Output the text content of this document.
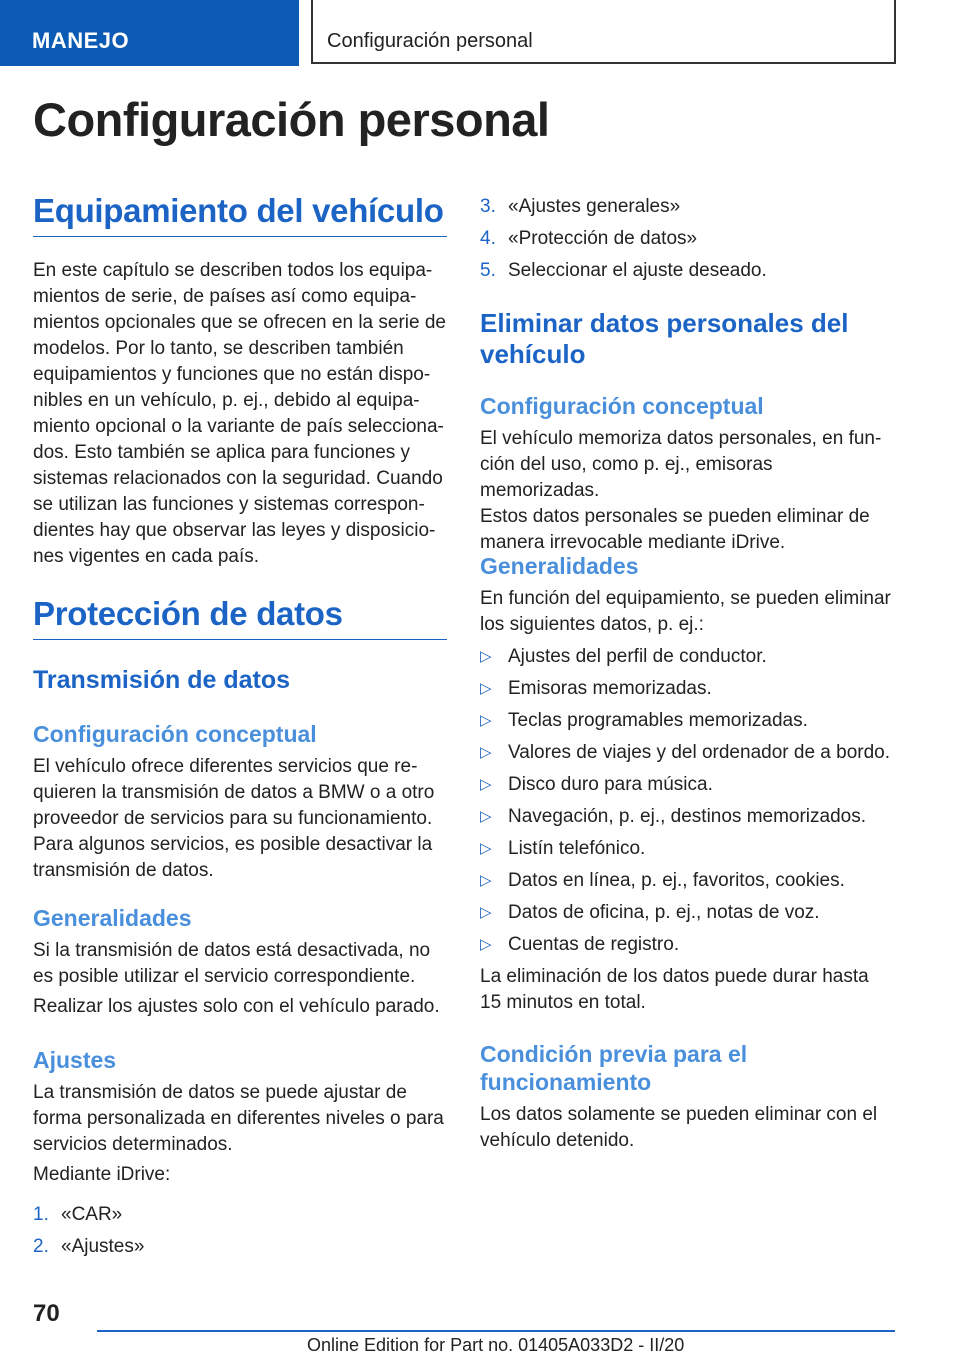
MANEJO	Configuración personal
Configuración personal
Equipamiento del vehículo

En este capítulo se describen todos los equipa-
mientos de serie, de países así como equipa-
mientos opcionales que se ofrecen en la serie de
modelos. Por lo tanto, se describen también
equipamientos y funciones que no están dispo-
nibles en un vehículo, p. ej., debido al equipa-
miento opcional o la variante de país selecciona-
dos. Esto también se aplica para funciones y
sistemas relacionados con la seguridad. Cuando
se utilizan las funciones y sistemas correspon-
dientes hay que observar las leyes y disposicio-
nes vigentes en cada país.

Protección de datos
Transmisión de datos
Configuración conceptual

El vehículo ofrece diferentes servicios que re-
quieren la transmisión de datos a BMW o a otro
proveedor de servicios para su funcionamiento.
Para algunos servicios, es posible desactivar la
transmisión de datos.

Generalidades

Si la transmisión de datos está desactivada, no
es posible utilizar el servicio correspondiente.

Realizar los ajustes solo con el vehículo parado.

Ajustes

La transmisión de datos se puede ajustar de
forma personalizada en diferentes niveles o para
servicios determinados.

Mediante iDrive:

1. «CAR»
2. «Ajustes»
3. «Ajustes generales»
4. «Protección de datos»
5. Seleccionar el ajuste deseado.
Eliminar datos personales del
vehículo
Configuración conceptual

El vehículo memoriza datos personales, en fun-
ción del uso, como p. ej., emisoras memorizadas.
Estos datos personales se pueden eliminar de
manera irrevocable mediante iDrive.

Generalidades

En función del equipamiento, se pueden eliminar
los siguientes datos, p. ej.:

▷ Ajustes del perfil de conductor.
▷ Emisoras memorizadas.
▷ Teclas programables memorizadas.
▷ Valores de viajes y del ordenador de a bordo.
▷ Disco duro para música.
▷ Navegación, p. ej., destinos memorizados.
▷ Listín telefónico.
▷ Datos en línea, p. ej., favoritos, cookies.
▷ Datos de oficina, p. ej., notas de voz.
▷ Cuentas de registro.

La eliminación de los datos puede durar hasta
15 minutos en total.

Condición previa para el
funcionamiento

Los datos solamente se pueden eliminar con el
vehículo detenido.

70
Online Edition for Part no. 01405A033D2 - II/20
